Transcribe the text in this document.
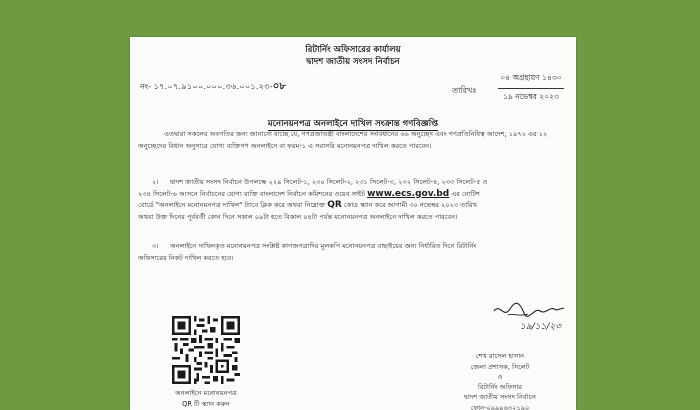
রিটার্নিং অফিসারের কার্যালয়
দ্বাদশ জাতীয় সংসদ নির্বাচন
নং- ১৭.০৭.৯১০০.০০০.৩৬.০০১.২৩-০৮	তারিখঃ
০৪ অগ্রহায়ণ ১৪৩০
১৯ নভেম্বর ২০২৩
মনোনয়নপত্র অনলাইনে দাখিল সংক্রান্ত গণবিজ্ঞপ্তি
এতদ্বারা সকলের অবগতির জন্য জানানো যাচ্ছে যে, গণপ্রজাতন্ত্রী বাংলাদেশের সংবিধানের ৬৬ অনুচ্ছেদ এবং গণপ্রতিনিধিত্ব আদেশ, ১৯৭২ এর ১২ অনুচ্ছেদের বিধান অনুসারে যোগ্য ব্যক্তিগণ অনলাইনে বা ফরম-১ এ সরাসরি মনোনয়নপত্র দাখিল করতে পারবেন।
২। দ্বাদশ জাতীয় সংসদ নির্বাচন উপলক্ষে ২২৯ সিলেট-১, ২৩০ সিলেট-২, ২৩১ সিলেট-৩, ২৩২ সিলেট-৪, ২৩৩ সিলেট-৫ ও
২৩৪ সিলেট-৬ আসনে নির্বাচনের যোগ্য ব্যক্তি বাংলাদেশ নির্বাচন কমিশনের ওয়েব সাইট www.ecs.gov.bd এর নোটিশ
বোর্ডে "অনলাইনে মনোনয়নপত্র দাখিল" ট্যাবে ক্লিক করে অথবা নিম্নোক্ত QR কোড স্ক্যান করে আগামী ৩০ নভেম্বর ২০২৩ তারিখ
অথবা উক্ত দিনের পূর্ববর্তী কোন দিনে সকাল ০৯টা হতে বিকাল ০৪টা পর্যন্ত মনোনয়নপত্র অনলাইনে দাখিল করতে পারবেন।
৩। অনলাইনে দাখিলকৃত মনোনয়নপত্র সংশ্লিষ্ট কাগজপত্রাদির মূলকপি মনোনয়নপত্র বাছাইয়ের জন্য নির্ধারিত দিনে রিটার্নিং
অফিসারের নিকট দাখিল করতে হবে।
অনলাইনে মনোনয়নপত্র
QR টি স্ক্যান করুন
১৯/১১/২৩
শেখ রাসেল হাসান
জেলা প্রশাসক, সিলেট
ও
রিটার্নিং অফিসার
দ্বাদশ জাতীয় সংসদ নির্বাচন
ফোন-০৯৯৯৬৩২১৯০
